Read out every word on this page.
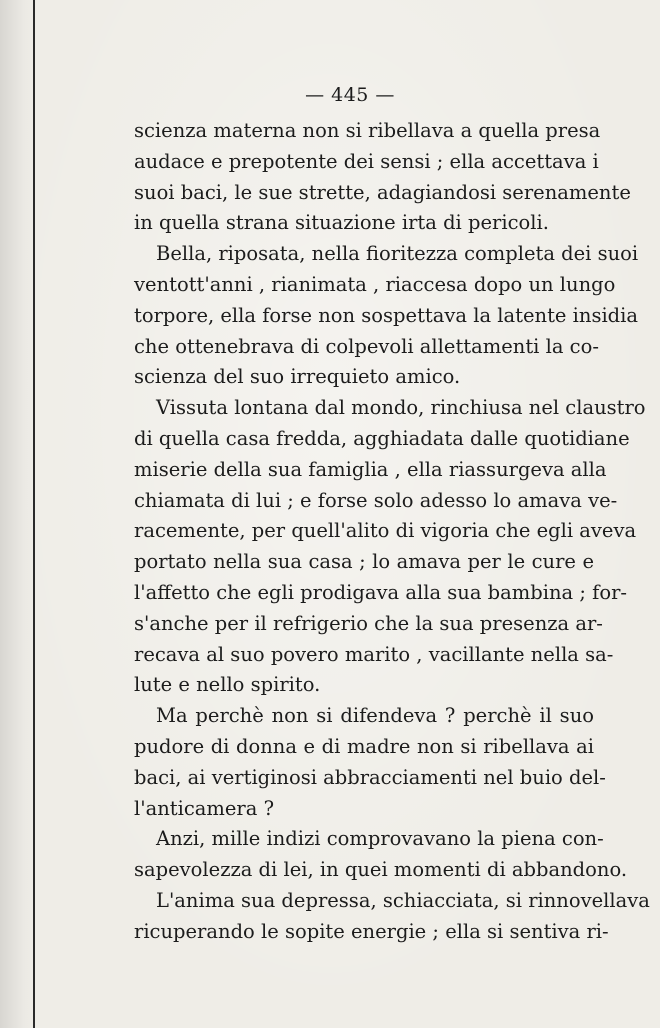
— 445 —
scienza materna non si ribellava a quella presa
audace e prepotente dei sensi ; ella accettava i
suoi baci, le sue strette, adagiandosi serenamente
in quella strana situazione irta di pericoli.
Bella, riposata, nella fioritezza completa dei suoi
ventott'anni , rianimata , riaccesa dopo un lungo
torpore, ella forse non sospettava la latente insidia
che ottenebrava di colpevoli allettamenti la co-
scienza del suo irrequieto amico.
Vissuta lontana dal mondo, rinchiusa nel claustro
di quella casa fredda, agghiadata dalle quotidiane
miserie della sua famiglia , ella riassurgeva alla
chiamata di lui ; e forse solo adesso lo amava ve-
racemente, per quell'alito di vigoria che egli aveva
portato nella sua casa ; lo amava per le cure e
l'affetto che egli prodigava alla sua bambina ; for-
s'anche per il refrigerio che la sua presenza ar-
recava al suo povero marito , vacillante nella sa-
lute e nello spirito.
Ma perchè non si difendeva ? perchè il suo
pudore di donna e di madre non si ribellava ai
baci, ai vertiginosi abbracciamenti nel buio del-
l'anticamera ?
Anzi, mille indizi comprovavano la piena con-
sapevolezza di lei, in quei momenti di abbandono.
L'anima sua depressa, schiacciata, si rinnovellava
ricuperando le sopite energie ; ella si sentiva ri-
